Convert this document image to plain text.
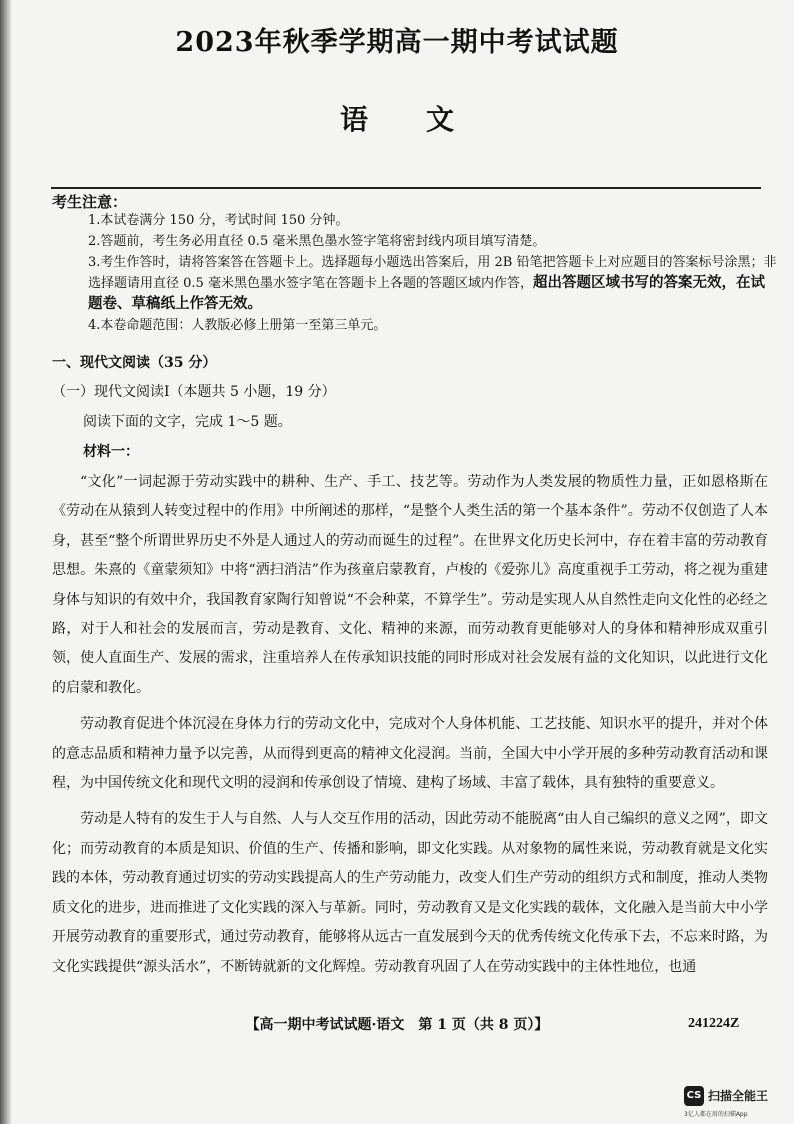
2023年秋季学期高一期中考试试题
语文
考生注意：
1.本试卷满分 150 分，考试时间 150 分钟。
2.答题前，考生务必用直径 0.5 毫米黑色墨水签字笔将密封线内项目填写清楚。
3.考生作答时，请将答案答在答题卡上。选择题每小题选出答案后，用 2B 铅笔把答题卡上对应题目的答案标号涂黑；非选择题请用直径 0.5 毫米黑色墨水签字笔在答题卡上各题的答题区域内作答，超出答题区域书写的答案无效，在试题卷、草稿纸上作答无效。
4.本卷命题范围：人教版必修上册第一至第三单元。
一、现代文阅读（35 分）
（一）现代文阅读Ⅰ（本题共 5 小题，19 分）
阅读下面的文字，完成 1～5 题。
材料一：

“文化”一词起源于劳动实践中的耕种、生产、手工、技艺等。劳动作为人类发展的物质性力量，正如恩格斯在《劳动在从猿到人转变过程中的作用》中所阐述的那样，“是整个人类生活的第一个基本条件”。劳动不仅创造了人本身，甚至“整个所谓世界历史不外是人通过人的劳动而诞生的过程”。在世界文化历史长河中，存在着丰富的劳动教育思想。朱熹的《童蒙须知》中将“洒扫消洁”作为孩童启蒙教育，卢梭的《爱弥儿》高度重视手工劳动，将之视为重建身体与知识的有效中介，我国教育家陶行知曾说“不会种菜，不算学生”。劳动是实现人从自然性走向文化性的必经之路，对于人和社会的发展而言，劳动是教育、文化、精神的来源，而劳动教育更能够对人的身体和精神形成双重引领，使人直面生产、发展的需求，注重培养人在传承知识技能的同时形成对社会发展有益的文化知识，以此进行文化的启蒙和教化。

劳动教育促进个体沉浸在身体力行的劳动文化中，完成对个人身体机能、工艺技能、知识水平的提升，并对个体的意志品质和精神力量予以完善，从而得到更高的精神文化浸润。当前，全国大中小学开展的多种劳动教育活动和课程，为中国传统文化和现代文明的浸润和传承创设了情境、建构了场域、丰富了载体，具有独特的重要意义。

劳动是人特有的发生于人与自然、人与人交互作用的活动，因此劳动不能脱离“由人自己编织的意义之网”，即文化；而劳动教育的本质是知识、价值的生产、传播和影响，即文化实践。从对象物的属性来说，劳动教育就是文化实践的本体，劳动教育通过切实的劳动实践提高人的生产劳动能力，改变人们生产劳动的组织方式和制度，推动人类物质文化的进步，进而推进了文化实践的深入与革新。同时，劳动教育又是文化实践的载体，文化融入是当前大中小学开展劳动教育的重要形式，通过劳动教育，能够将从远古一直发展到今天的优秀传统文化传承下去，不忘来时路，为文化实践提供“源头活水”，不断铸就新的文化辉煌。劳动教育巩固了人在劳动实践中的主体性地位，也通

【高一期中考试试题·语文　第 1 页（共 8 页）】	241224Z
CS 扫描全能王
3亿人都在用的扫描App
